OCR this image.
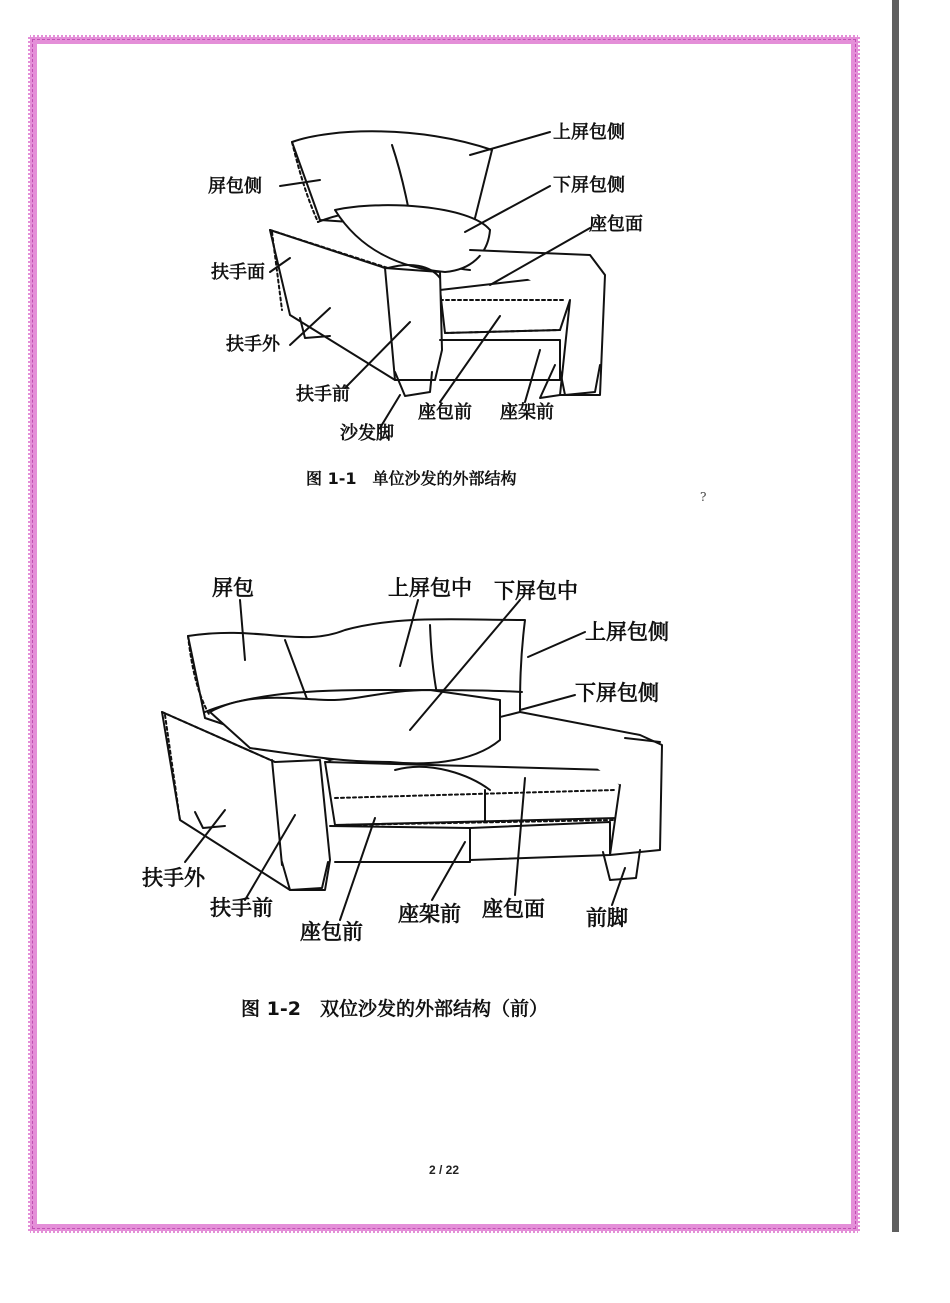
上屏包侧
屏包侧	下屏包侧
座包面
扶手面
扶手外
扶手前
座包前 座架前
沙发脚
图 1-1　单位沙发的外部结构
?
屏包	上屏包中 下屏包中
上屏包侧
下屏包侧
扶手外
扶手前
座包前
座架前 座包面 前脚
图 1-2　双位沙发的外部结构（前）
2 / 22
